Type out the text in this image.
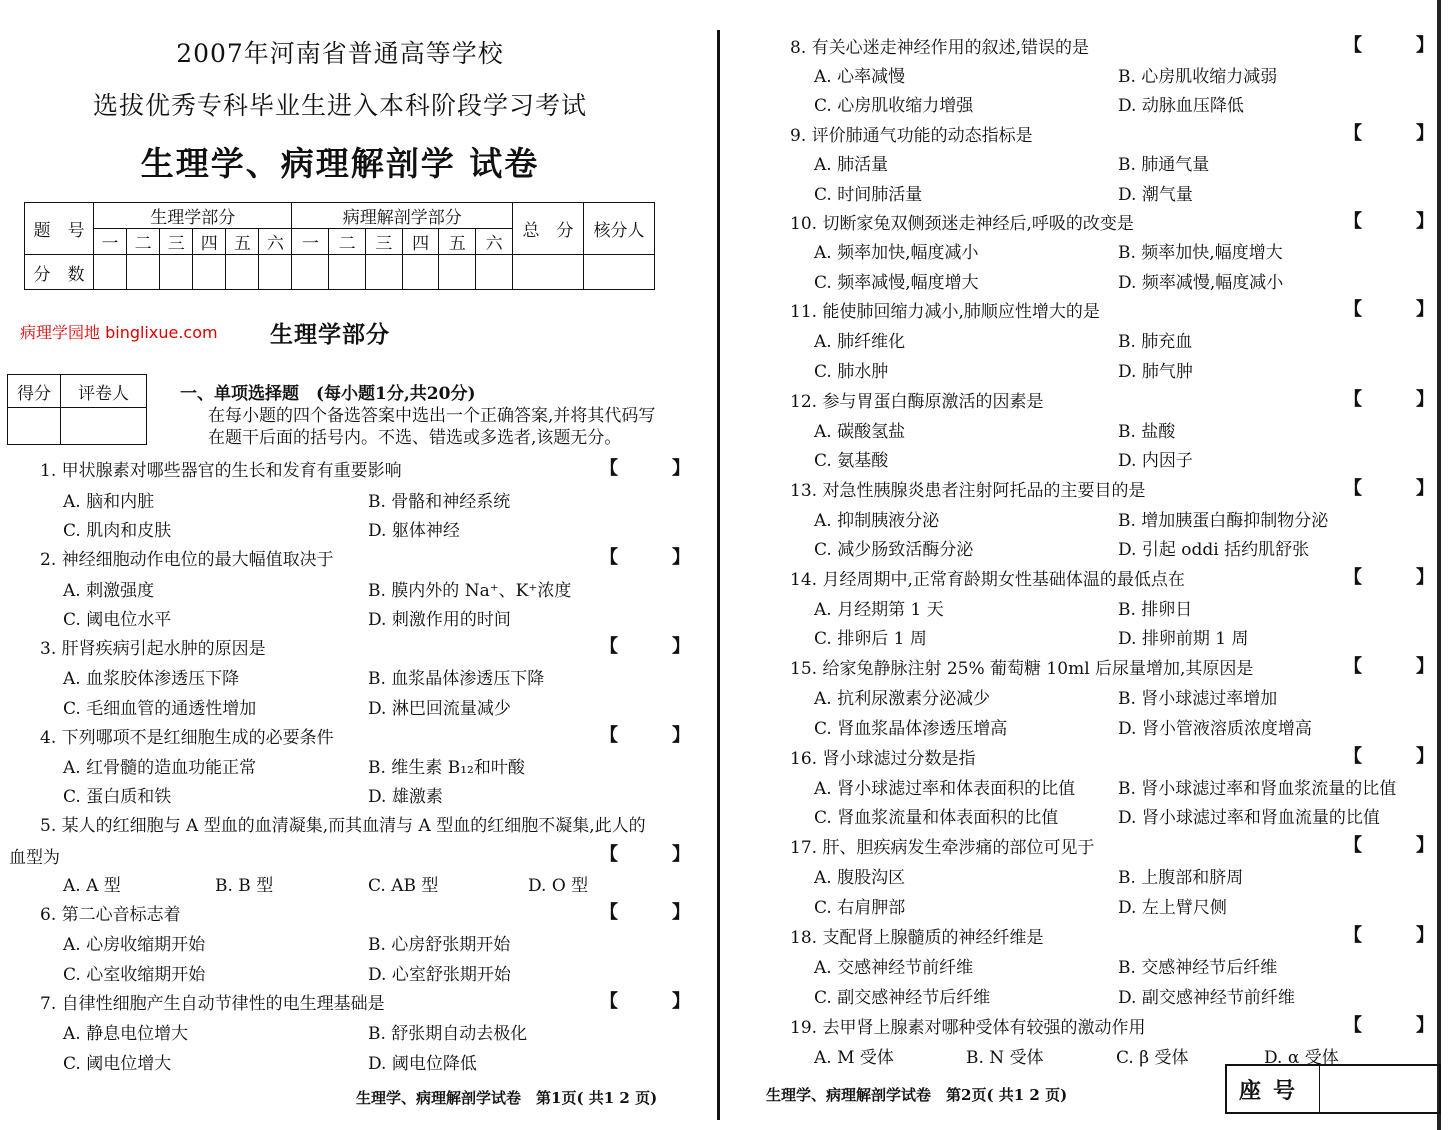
2007年河南省普通高等学校
选拔优秀专科毕业生进入本科阶段学习考试
生理学、病理解剖学 试卷
题　号	生理学部分						病理解剖学部分						总　分	核分人
	一	二	三	四	五	六	一	二	三	四	五	六		
分　数														
病理学园地 binglixue.com 生理学部分
得分	评卷人
		一、单项选择题　(每小题1分,共20分)
在每小题的四个备选答案中选出一个正确答案,并将其代码写
在题干后面的括号内。不选、错选或多选者,该题无分。
1. 甲状腺素对哪些器官的生长和发育有重要影响	【　　　】
A. 脑和内脏	B. 骨骼和神经系统
C. 肌肉和皮肤	D. 躯体神经
2. 神经细胞动作电位的最大幅值取决于	【　　　】
A. 刺激强度	B. 膜内外的 Na⁺、K⁺浓度
C. 阈电位水平	D. 刺激作用的时间
3. 肝肾疾病引起水肿的原因是	【　　　】
A. 血浆胶体渗透压下降	B. 血浆晶体渗透压下降
C. 毛细血管的通透性增加	D. 淋巴回流量减少
4. 下列哪项不是红细胞生成的必要条件	【　　　】
A. 红骨髓的造血功能正常	B. 维生素 B₁₂和叶酸
C. 蛋白质和铁	D. 雄激素
5. 某人的红细胞与 A 型血的血清凝集,而其血清与 A 型血的红细胞不凝集,此人的
血型为	【　　　】
A. A 型	B. B 型	C. AB 型	D. O 型
6. 第二心音标志着	【　　　】
A. 心房收缩期开始	B. 心房舒张期开始
C. 心室收缩期开始	D. 心室舒张期开始
7. 自律性细胞产生自动节律性的电生理基础是	【　　　】
A. 静息电位增大	B. 舒张期自动去极化
C. 阈电位增大	D. 阈电位降低
生理学、病理解剖学试卷　第1页( 共1 2 页)
8. 有关心迷走神经作用的叙述,错误的是	【　　　】
A. 心率减慢	B. 心房肌收缩力减弱
C. 心房肌收缩力增强	D. 动脉血压降低
9. 评价肺通气功能的动态指标是	【　　　】
A. 肺活量	B. 肺通气量
C. 时间肺活量	D. 潮气量
10. 切断家兔双侧颈迷走神经后,呼吸的改变是	【　　　】
A. 频率加快,幅度减小	B. 频率加快,幅度增大
C. 频率减慢,幅度增大	D. 频率减慢,幅度减小
11. 能使肺回缩力减小,肺顺应性增大的是	【　　　】
A. 肺纤维化	B. 肺充血
C. 肺水肿	D. 肺气肿
12. 参与胃蛋白酶原激活的因素是	【　　　】
A. 碳酸氢盐	B. 盐酸
C. 氨基酸	D. 内因子
13. 对急性胰腺炎患者注射阿托品的主要目的是	【　　　】
A. 抑制胰液分泌	B. 增加胰蛋白酶抑制物分泌
C. 减少肠致活酶分泌	D. 引起 oddi 括约肌舒张
14. 月经周期中,正常育龄期女性基础体温的最低点在	【　　　】
A. 月经期第 1 天	B. 排卵日
C. 排卵后 1 周	D. 排卵前期 1 周
15. 给家兔静脉注射 25% 葡萄糖 10ml 后尿量增加,其原因是	【　　　】
A. 抗利尿激素分泌减少	B. 肾小球滤过率增加
C. 肾血浆晶体渗透压增高	D. 肾小管液溶质浓度增高
16. 肾小球滤过分数是指	【　　　】
A. 肾小球滤过率和体表面积的比值	B. 肾小球滤过率和肾血浆流量的比值
C. 肾血浆流量和体表面积的比值	D. 肾小球滤过率和肾血流量的比值
17. 肝、胆疾病发生牵涉痛的部位可见于	【　　　】
A. 腹股沟区	B. 上腹部和脐周
C. 右肩胛部	D. 左上臂尺侧
18. 支配肾上腺髓质的神经纤维是	【　　　】
A. 交感神经节前纤维	B. 交感神经节后纤维
C. 副交感神经节后纤维	D. 副交感神经节前纤维
19. 去甲肾上腺素对哪种受体有较强的激动作用	【　　　】
A. M 受体	B. N 受体	C. β 受体	D. α 受体
生理学、病理解剖学试卷　第2页( 共1 2 页)	座号
